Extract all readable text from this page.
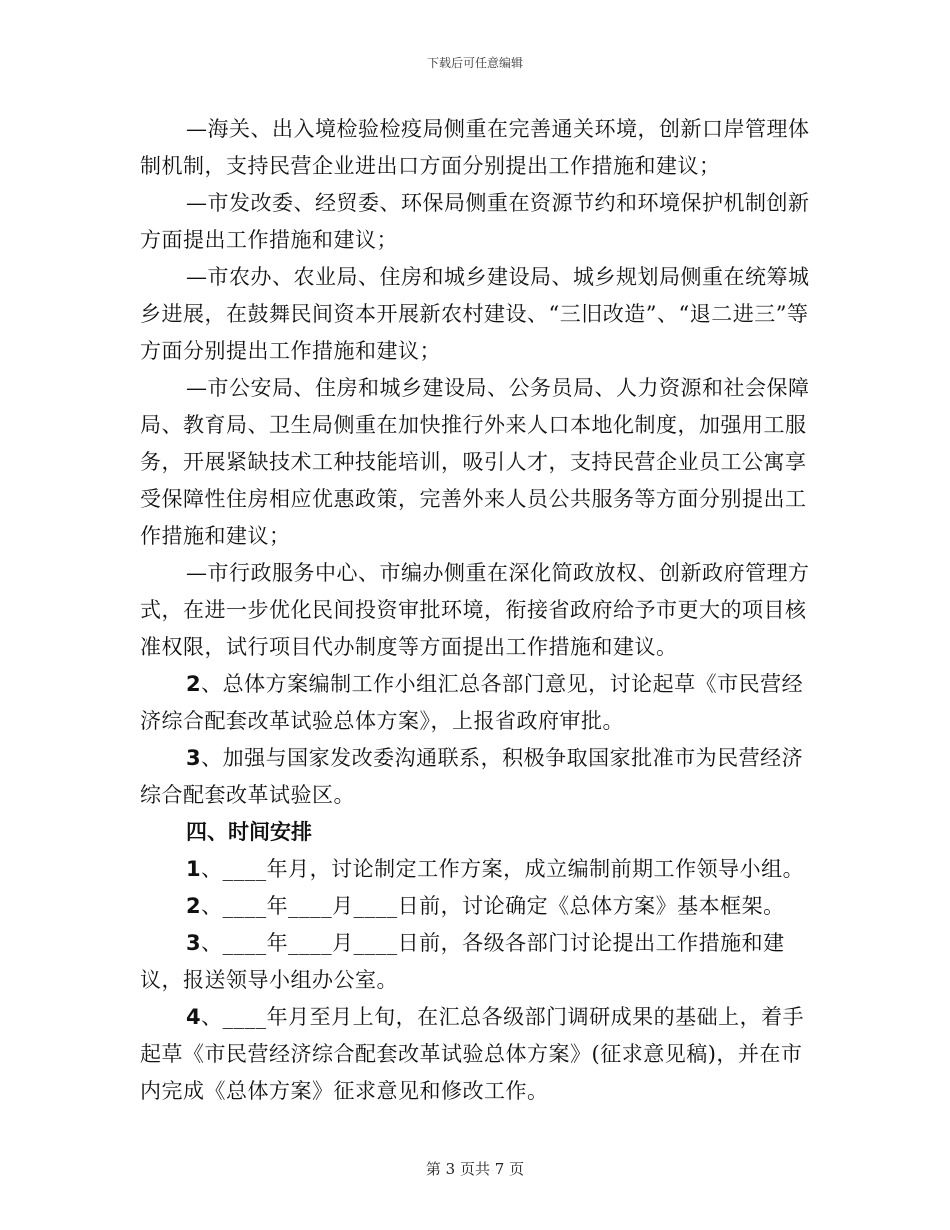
下载后可任意编辑

—海关、出入境检验检疫局侧重在完善通关环境，创新口岸管理体制机制，支持民营企业进出口方面分别提出工作措施和建议；

—市发改委、经贸委、环保局侧重在资源节约和环境保护机制创新方面提出工作措施和建议；

—市农办、农业局、住房和城乡建设局、城乡规划局侧重在统筹城乡进展，在鼓舞民间资本开展新农村建设、“三旧改造”、“退二进三”等方面分别提出工作措施和建议；

—市公安局、住房和城乡建设局、公务员局、人力资源和社会保障局、教育局、卫生局侧重在加快推行外来人口本地化制度，加强用工服务，开展紧缺技术工种技能培训，吸引人才，支持民营企业员工公寓享受保障性住房相应优惠政策，完善外来人员公共服务等方面分别提出工作措施和建议；

—市行政服务中心、市编办侧重在深化简政放权、创新政府管理方式，在进一步优化民间投资审批环境，衔接省政府给予市更大的项目核准权限，试行项目代办制度等方面提出工作措施和建议。

2、总体方案编制工作小组汇总各部门意见，讨论起草《市民营经济综合配套改革试验总体方案》，上报省政府审批。

3、加强与国家发改委沟通联系，积极争取国家批准市为民营经济综合配套改革试验区。

四、时间安排

1、____年月，讨论制定工作方案，成立编制前期工作领导小组。

2、____年____月____日前，讨论确定《总体方案》基本框架。

3、____年____月____日前，各级各部门讨论提出工作措施和建议，报送领导小组办公室。

4、____年月至月上旬，在汇总各级部门调研成果的基础上，着手起草《市民营经济综合配套改革试验总体方案》(征求意见稿)，并在市内完成《总体方案》征求意见和修改工作。

第 3 页共 7 页
